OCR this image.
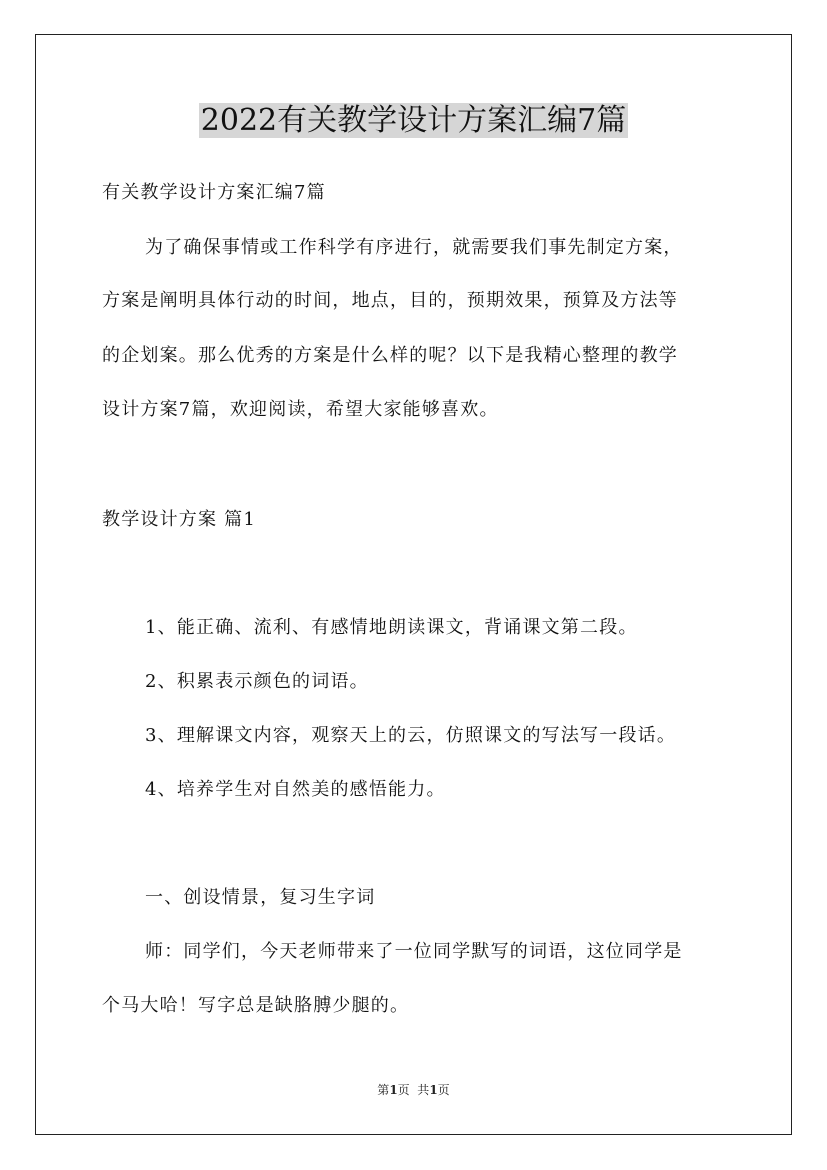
2022有关教学设计方案汇编7篇

有关教学设计方案汇编7篇

为了确保事情或工作科学有序进行，就需要我们事先制定方案，

方案是阐明具体行动的时间，地点，目的，预期效果，预算及方法等

的企划案。那么优秀的方案是什么样的呢？以下是我精心整理的教学

设计方案7篇，欢迎阅读，希望大家能够喜欢。

教学设计方案 篇1

1、能正确、流利、有感情地朗读课文，背诵课文第二段。

2、积累表示颜色的词语。

3、理解课文内容，观察天上的云，仿照课文的写法写一段话。

4、培养学生对自然美的感悟能力。

一、创设情景，复习生字词

师：同学们，今天老师带来了一位同学默写的词语，这位同学是

个马大哈！写字总是缺胳膊少腿的。

第1页  共1页
